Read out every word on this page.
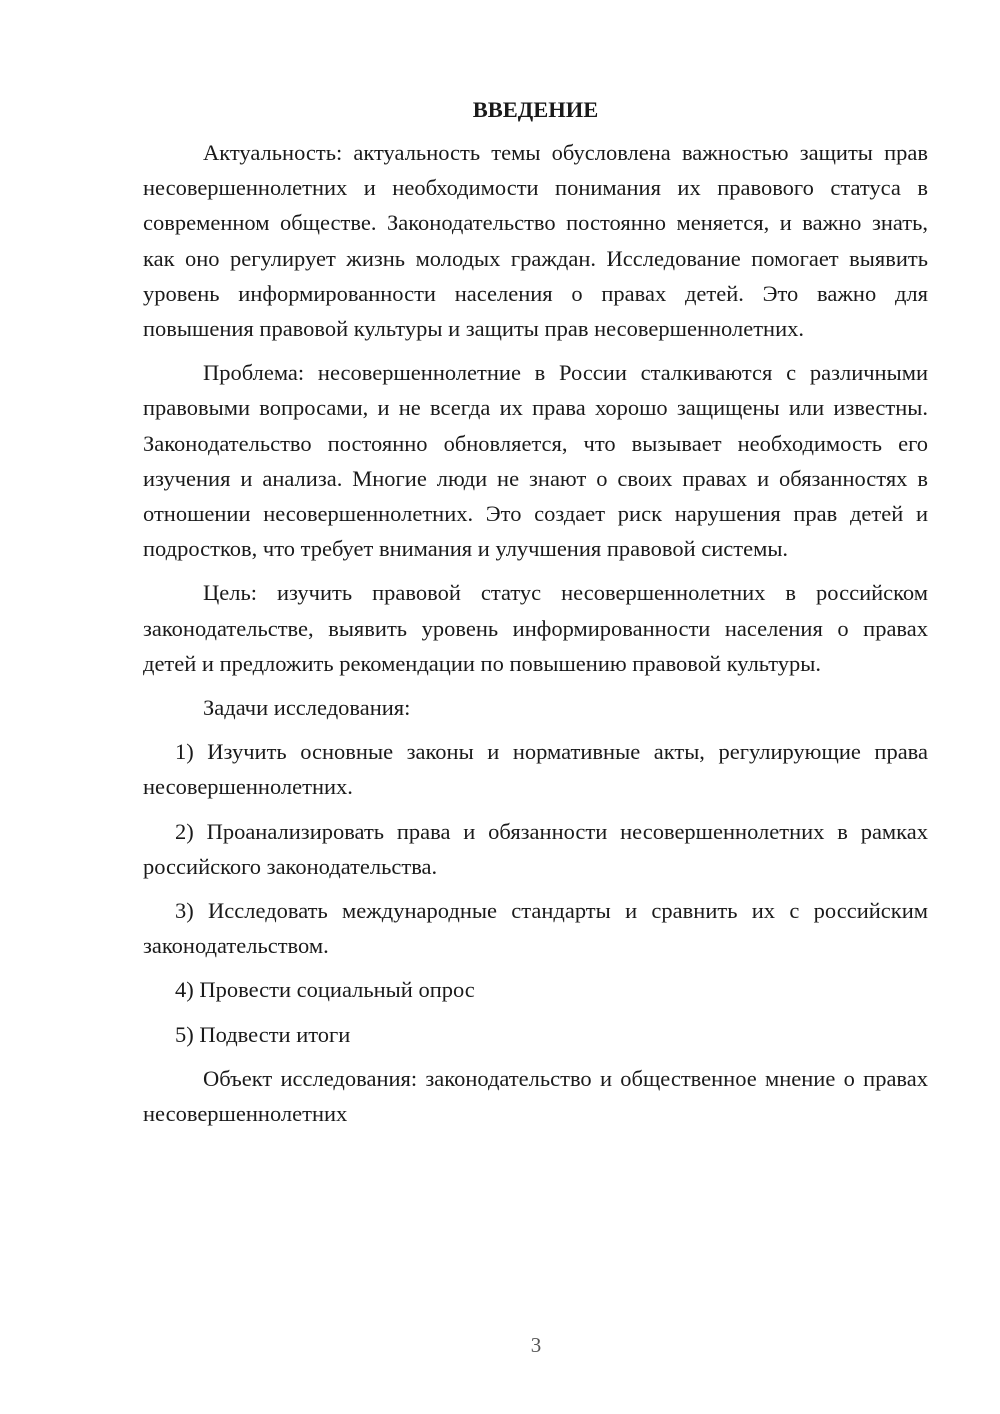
ВВЕДЕНИЕ

Актуальность: актуальность темы обусловлена важностью защиты прав несовершеннолетних и необходимости понимания их правового статуса в современном обществе. Законодательство постоянно меняется, и важно знать, как оно регулирует жизнь молодых граждан. Исследование помогает выявить уровень информированности населения о правах детей. Это важно для повышения правовой культуры и защиты прав несовершеннолетних.

Проблема: несовершеннолетние в России сталкиваются с различными правовыми вопросами, и не всегда их права хорошо защищены или известны. Законодательство постоянно обновляется, что вызывает необходимость его изучения и анализа. Многие люди не знают о своих правах и обязанностях в отношении несовершеннолетних. Это создает риск нарушения прав детей и подростков, что требует внимания и улучшения правовой системы.

Цель: изучить правовой статус несовершеннолетних в российском законодательстве, выявить уровень информированности населения о правах детей и предложить рекомендации по повышению правовой культуры.

Задачи исследования:

1) Изучить основные законы и нормативные акты, регулирующие права несовершеннолетних.

2) Проанализировать права и обязанности несовершеннолетних в рамках российского законодательства.

3) Исследовать международные стандарты и сравнить их с российским законодательством.

4) Провести социальный опрос

5) Подвести итоги

Объект исследования: законодательство и общественное мнение о правах несовершеннолетних

3
